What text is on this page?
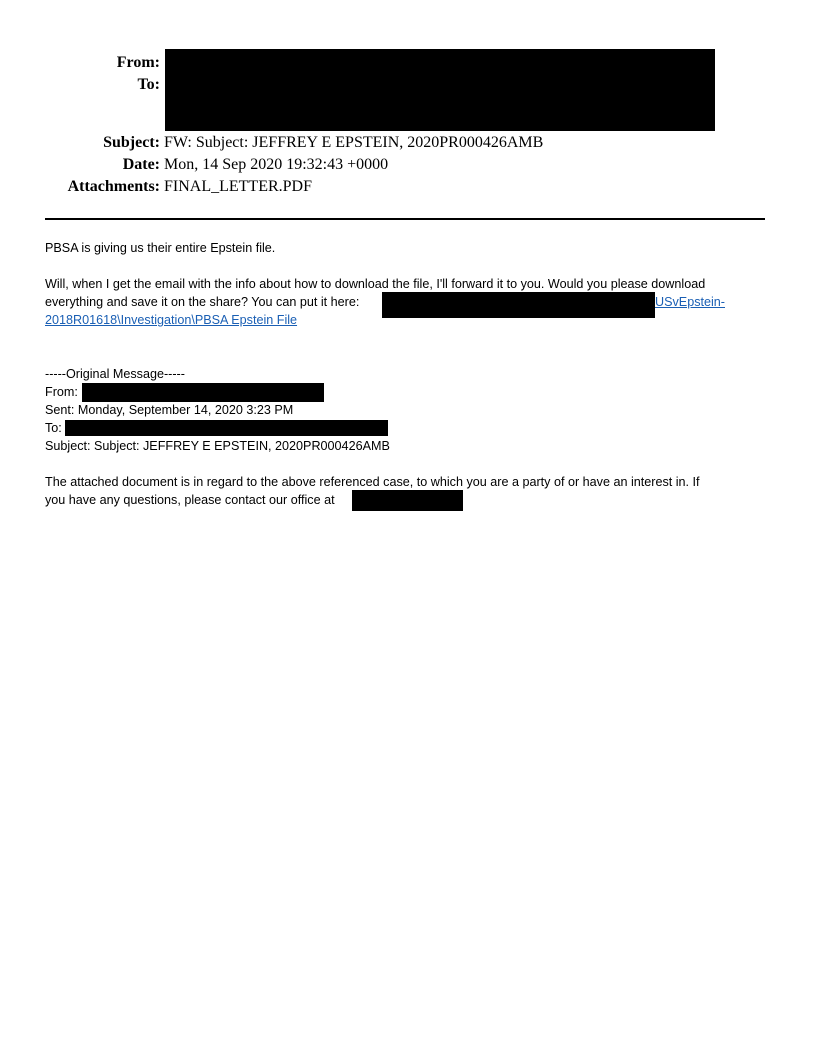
From:
To:
Subject: FW: Subject: JEFFREY E EPSTEIN, 2020PR000426AMB
Date: Mon, 14 Sep 2020 19:32:43 +0000
Attachments: FINAL_LETTER.PDF
PBSA is giving us their entire Epstein file.
Will, when I get the email with the info about how to download the file, I'll forward it to you. Would you please download
everything and save it on the share? You can put it here:	USvEpstein-
2018R01618\Investigation\PBSA Epstein File
-----Original Message-----
From:
Sent: Monday, September 14, 2020 3:23 PM
To:
Subject: Subject: JEFFREY E EPSTEIN, 2020PR000426AMB
The attached document is in regard to the above referenced case, to which you are a party of or have an interest in. If
you have any questions, please contact our office at
